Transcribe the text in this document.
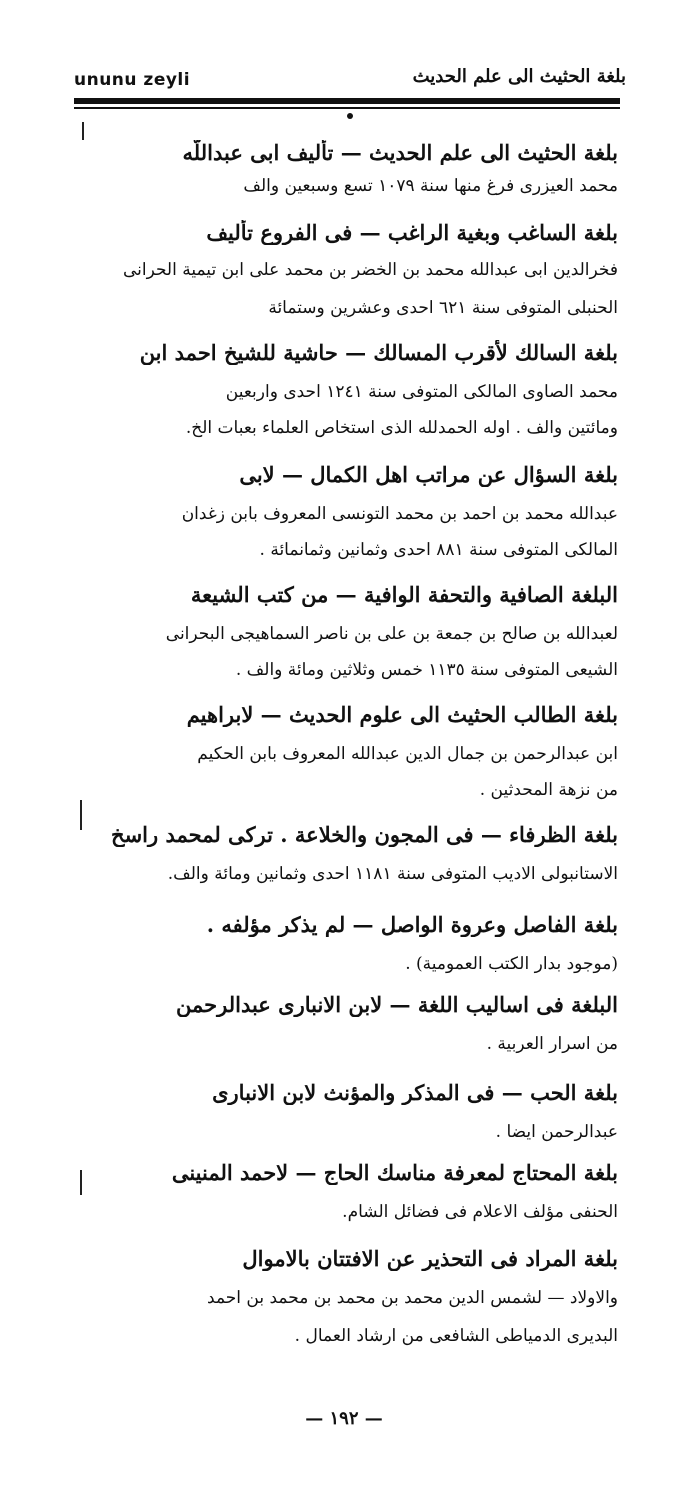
ununu zeyli	بلغة الحثيث الى علم الحديث
بلغة الحثيث الى علم الحديث — تأليف ابى عبداللّه
محمد العيزرى فرغ منها سنة ١٠٧٩ تسع وسبعين والف
بلغة الساغب وبغية الراغب — فى الفروع تأليف
فخرالدين ابى عبدالله محمد بن الخضر بن محمد على ابن تيمية الحرانى
الحنبلى المتوفى سنة ٦٢١ احدى وعشرين وستمائة
بلغة السالك لأقرب المسالك — حاشية للشيخ احمد ابن
محمد الصاوى المالكى المتوفى سنة ١٢٤١ احدى واربعين
ومائتين والف . اوله الحمدلله الذى استخاص العلماء بعبات الخ.
بلغة السؤال عن مراتب اهل الكمال — لابى
عبدالله محمد بن احمد بن محمد التونسى المعروف بابن زغدان
المالكى المتوفى سنة ٨٨١ احدى وثمانين وثمانمائة .
البلغة الصافية والتحفة الوافية — من كتب الشيعة
لعبدالله بن صالح بن جمعة بن على بن ناصر السماهيجى البحرانى
الشيعى المتوفى سنة ١١٣٥ خمس وثلاثين ومائة والف .
بلغة الطالب الحثيث الى علوم الحديث — لابراهيم
ابن عبدالرحمن بن جمال الدين عبدالله المعروف بابن الحكيم
من نزهة المحدثين .
بلغة الظرفاء — فى المجون والخلاعة . تركى لمحمد راسخ
الاستانبولى الاديب المتوفى سنة ١١٨١ احدى وثمانين ومائة والف.
بلغة الفاصل وعروة الواصل — لم يذكر مؤلفه .
(موجود بدار الكتب العمومية) .
البلغة فى اساليب اللغة — لابن الانبارى عبدالرحمن
من اسرار العربية .
بلغة الحب — فى المذكر والمؤنث لابن الانبارى
عبدالرحمن ايضا .
بلغة المحتاج لمعرفة مناسك الحاج — لاحمد المنينى
الحنفى مؤلف الاعلام فى فضائل الشام.
بلغة المراد فى التحذير عن الافتتان بالاموال
والاولاد — لشمس الدين محمد بن محمد بن محمد بن احمد
البديرى الدمياطى الشافعى من ارشاد العمال .
— ١٩٢ —
